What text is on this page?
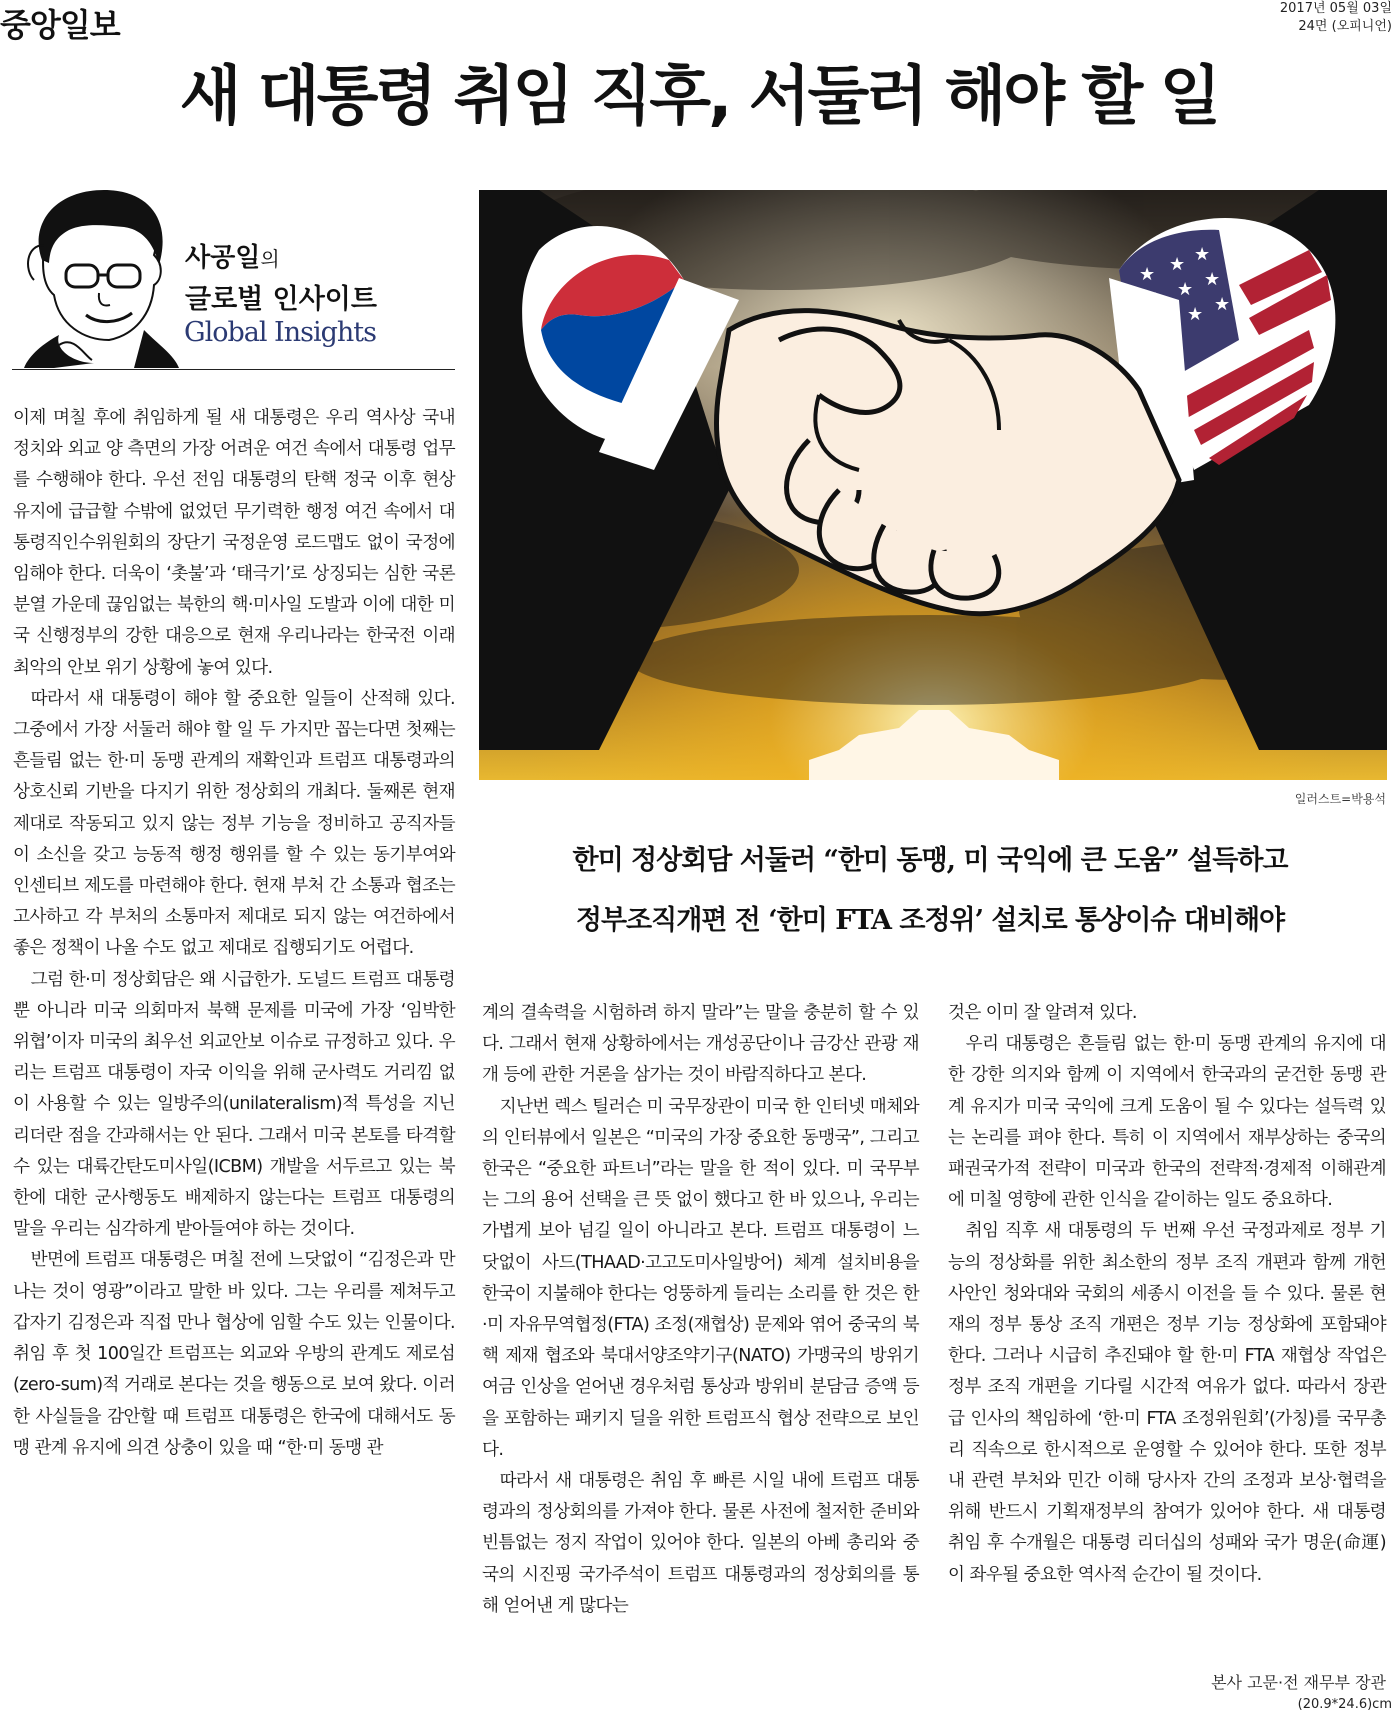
중앙일보	2017년 05월 03일
24면 (오피니언)
새 대통령 취임 직후, 서둘러 해야 할 일
사공일의
글로벌 인사이트
Global Insights
★ ★ ★
★ ★
★ ★
일러스트=박용석
한미 정상회담 서둘러 “한미 동맹, 미 국익에 큰 도움” 설득하고
정부조직개편 전 ‘한미 FTA 조정위’ 설치로 통상이슈 대비해야

이제 며칠 후에 취임하게 될 새 대통령은 우리 역사상 국내 정치와 외교 양 측면의 가장 어려운 여건 속에서 대통령 업무를 수행해야 한다. 우선 전임 대통령의 탄핵 정국 이후 현상유지에 급급할 수밖에 없었던 무기력한 행정 여건 속에서 대통령직인수위원회의 장단기 국정운영 로드맵도 없이 국정에 임해야 한다. 더욱이 ‘촛불’과 ‘태극기’로 상징되는 심한 국론 분열 가운데 끊임없는 북한의 핵·미사일 도발과 이에 대한 미국 신행정부의 강한 대응으로 현재 우리나라는 한국전 이래 최악의 안보 위기 상황에 놓여 있다.

따라서 새 대통령이 해야 할 중요한 일들이 산적해 있다. 그중에서 가장 서둘러 해야 할 일 두 가지만 꼽는다면 첫째는 흔들림 없는 한·미 동맹 관계의 재확인과 트럼프 대통령과의 상호신뢰 기반을 다지기 위한 정상회의 개최다. 둘째론 현재 제대로 작동되고 있지 않는 정부 기능을 정비하고 공직자들이 소신을 갖고 능동적 행정 행위를 할 수 있는 동기부여와 인센티브 제도를 마련해야 한다. 현재 부처 간 소통과 협조는 고사하고 각 부처의 소통마저 제대로 되지 않는 여건하에서 좋은 정책이 나올 수도 없고 제대로 집행되기도 어렵다.

그럼 한·미 정상회담은 왜 시급한가. 도널드 트럼프 대통령뿐 아니라 미국 의회마저 북핵 문제를 미국에 가장 ‘임박한 위협’이자 미국의 최우선 외교안보 이슈로 규정하고 있다. 우리는 트럼프 대통령이 자국 이익을 위해 군사력도 거리낌 없이 사용할 수 있는 일방주의(unilateralism)적 특성을 지닌 리더란 점을 간과해서는 안 된다. 그래서 미국 본토를 타격할 수 있는 대륙간탄도미사일(ICBM) 개발을 서두르고 있는 북한에 대한 군사행동도 배제하지 않는다는 트럼프 대통령의 말을 우리는 심각하게 받아들여야 하는 것이다.

반면에 트럼프 대통령은 며칠 전에 느닷없이 “김정은과 만나는 것이 영광”이라고 말한 바 있다. 그는 우리를 제쳐두고 갑자기 김정은과 직접 만나 협상에 임할 수도 있는 인물이다. 취임 후 첫 100일간 트럼프는 외교와 우방의 관계도 제로섬(zero-sum)적 거래로 본다는 것을 행동으로 보여 왔다. 이러한 사실들을 감안할 때 트럼프 대통령은 한국에 대해서도 동맹 관계 유지에 의견 상충이 있을 때 “한·미 동맹 관

계의 결속력을 시험하려 하지 말라”는 말을 충분히 할 수 있다. 그래서 현재 상황하에서는 개성공단이나 금강산 관광 재개 등에 관한 거론을 삼가는 것이 바람직하다고 본다.

지난번 렉스 틸러슨 미 국무장관이 미국 한 인터넷 매체와의 인터뷰에서 일본은 “미국의 가장 중요한 동맹국”, 그리고 한국은 “중요한 파트너”라는 말을 한 적이 있다. 미 국무부는 그의 용어 선택을 큰 뜻 없이 했다고 한 바 있으나, 우리는 가볍게 보아 넘길 일이 아니라고 본다. 트럼프 대통령이 느닷없이 사드(THAAD·고고도미사일방어) 체계 설치비용을 한국이 지불해야 한다는 엉뚱하게 들리는 소리를 한 것은 한·미 자유무역협정(FTA) 조정(재협상) 문제와 엮어 중국의 북핵 제재 협조와 북대서양조약기구(NATO) 가맹국의 방위기여금 인상을 얻어낸 경우처럼 통상과 방위비 분담금 증액 등을 포함하는 패키지 딜을 위한 트럼프식 협상 전략으로 보인다.

따라서 새 대통령은 취임 후 빠른 시일 내에 트럼프 대통령과의 정상회의를 가져야 한다. 물론 사전에 철저한 준비와 빈틈없는 정지 작업이 있어야 한다. 일본의 아베 총리와 중국의 시진핑 국가주석이 트럼프 대통령과의 정상회의를 통해 얻어낸 게 많다는

것은 이미 잘 알려져 있다.

우리 대통령은 흔들림 없는 한·미 동맹 관계의 유지에 대한 강한 의지와 함께 이 지역에서 한국과의 굳건한 동맹 관계 유지가 미국 국익에 크게 도움이 될 수 있다는 설득력 있는 논리를 펴야 한다. 특히 이 지역에서 재부상하는 중국의 패권국가적 전략이 미국과 한국의 전략적·경제적 이해관계에 미칠 영향에 관한 인식을 같이하는 일도 중요하다.

취임 직후 새 대통령의 두 번째 우선 국정과제로 정부 기능의 정상화를 위한 최소한의 정부 조직 개편과 함께 개헌 사안인 청와대와 국회의 세종시 이전을 들 수 있다. 물론 현재의 정부 통상 조직 개편은 정부 기능 정상화에 포함돼야 한다. 그러나 시급히 추진돼야 할 한·미 FTA 재협상 작업은 정부 조직 개편을 기다릴 시간적 여유가 없다. 따라서 장관급 인사의 책임하에 ‘한·미 FTA 조정위원회’(가칭)를 국무총리 직속으로 한시적으로 운영할 수 있어야 한다. 또한 정부 내 관련 부처와 민간 이해 당사자 간의 조정과 보상·협력을 위해 반드시 기획재정부의 참여가 있어야 한다. 새 대통령 취임 후 수개월은 대통령 리더십의 성패와 국가 명운(命運)이 좌우될 중요한 역사적 순간이 될 것이다.

본사 고문·전 재무부 장관
(20.9*24.6)cm
